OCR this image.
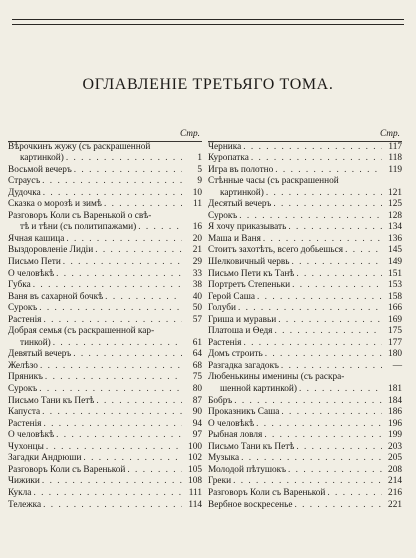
ОГЛАВЛЕНІЕ ТРЕТЬЯГО ТОМА.
Стр.
Вѣрочкинъ жужу (съ раскрашенной
картинкой) . . .	1
Восьмой вечеръ . . .	5
Страусъ . . .	9
Дудочка . . .	10
Сказка о морозѣ и зимѣ . . .	11
Разговоръ Коли съ Варенькой о свѣ-
тѣ и тѣни (съ политипажами) . . .	16
Ячная кашица . . .	20
Выздоровленіе Лидіи . . .	21
Письмо Пети . . .	29
О человѣкѣ . . .	33
Губка . . .	38
Ваня въ сахарной бочкѣ . . .	40
Сурокъ . . .	50
Растенія . . .	57
Добрая семья (съ раскрашенной кар-
тинкой) . . .	61
Девятый вечеръ . . .	64
Желѣзо . . .	68
Пряникъ . . .	75
Сурокъ . . .	80
Письмо Тани къ Петѣ . . .	87
Капуста . . .	90
Растенія . . .	94
О человѣкѣ . . .	97
Чухонцы . . .	100
Загадки Андрюши . . .	102
Разговоръ Коли съ Варенькой . . .	105
Чижики . . .	108
Кукла . . .	111
Тележка . . .	114
Стр.
Черника . . .	117
Куропатка . . .	118
Игра въ полотно . . .	119
Стѣнные часы (съ раскрашенной
картинкой) . . .	121
Десятый вечеръ . . .	125
Сурокъ . . .	128
Я хочу приказывать . . .	134
Маша и Ваня . . .	136
Стоитъ захотѣть, всего добьешься . . .	145
Шелковичный червь . . .	149
Письмо Пети къ Танѣ . . .	151
Портретъ Степеньки . . .	153
Герой Саша . . .	158
Голуби . . .	166
Гриша и муравьи . . .	169
Платоша и Ѳедя . . .	175
Растенія . . .	177
Домъ строить . . .	180
Разгадка загадокъ . . .	—
Любенькины именины (съ раскра-
шенной картинкой) . . .	181
Бобръ . . .	184
Проказникъ Саша . . .	186
О человѣкѣ . . .	196
Рыбная ловля . . .	199
Письмо Тани къ Петѣ . . .	203
Музыка . . .	205
Молодой пѣтушокъ . . .	208
Греки . . .	214
Разговоръ Коли съ Варенькой . . .	216
Вербное воскресенье . . .	221
